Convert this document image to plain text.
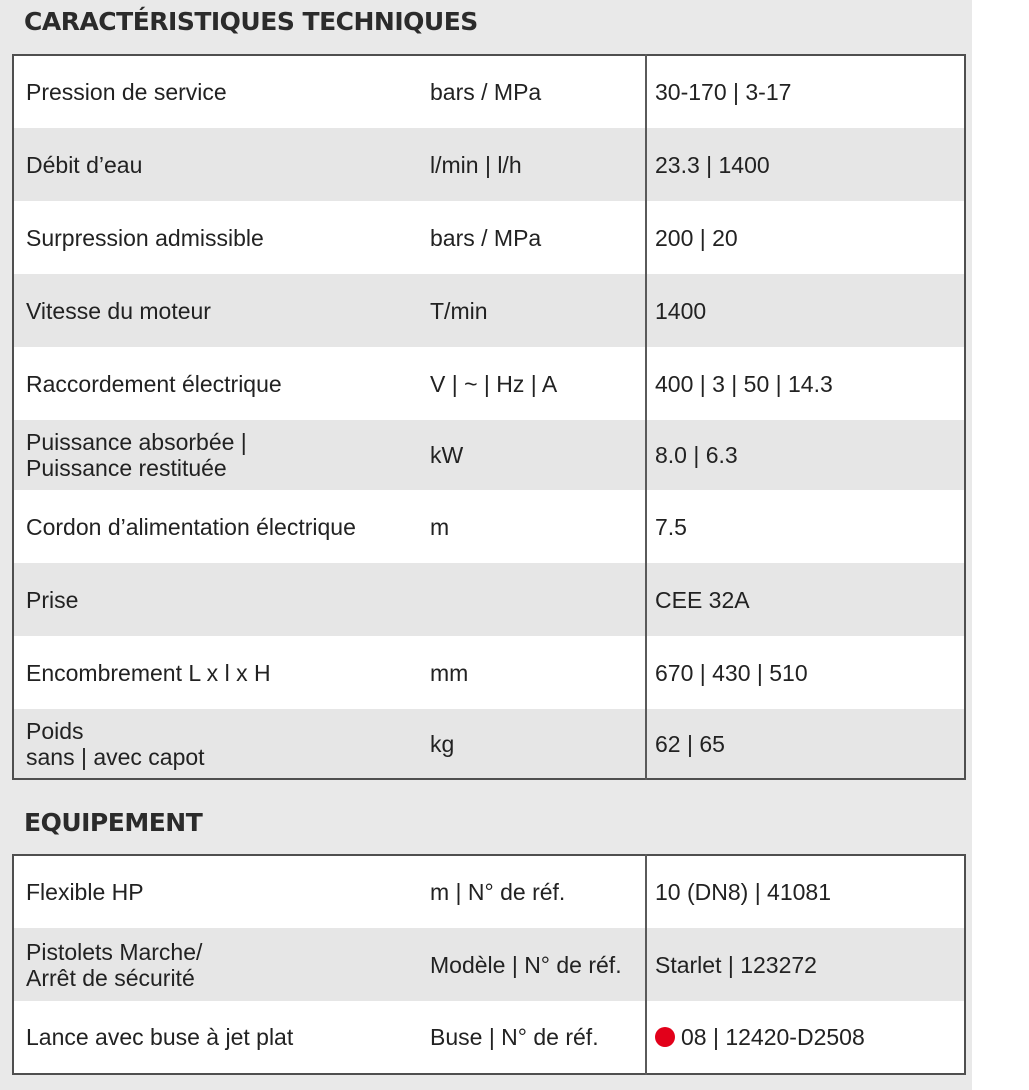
CARACTÉRISTIQUES TECHNIQUES
Pression de service	bars / MPa	30-170 | 3-17
Débit d’eau	l/min | l/h	23.3 | 1400
Surpression admissible	bars / MPa	200 | 20
Vitesse du moteur	T/min	1400
Raccordement électrique	V | ~ | Hz | A	400 | 3 | 50 | 14.3

Puissance absorbée |
Puissance restituée	kW	8.0 | 6.3
Cordon d’alimentation électrique	m	7.5
Prise		CEE 32A
Encombrement L x l x H	mm	670 | 430 | 510

Poids
sans | avec capot	kg	62 | 65
EQUIPEMENT
Flexible HP	m | N° de réf.	10 (DN8) | 41081

Pistolets Marche/
Arrêt de sécurité	Modèle | N° de réf.	Starlet | 123272
Lance avec buse à jet plat	Buse | N° de réf.	08 | 12420-D2508
